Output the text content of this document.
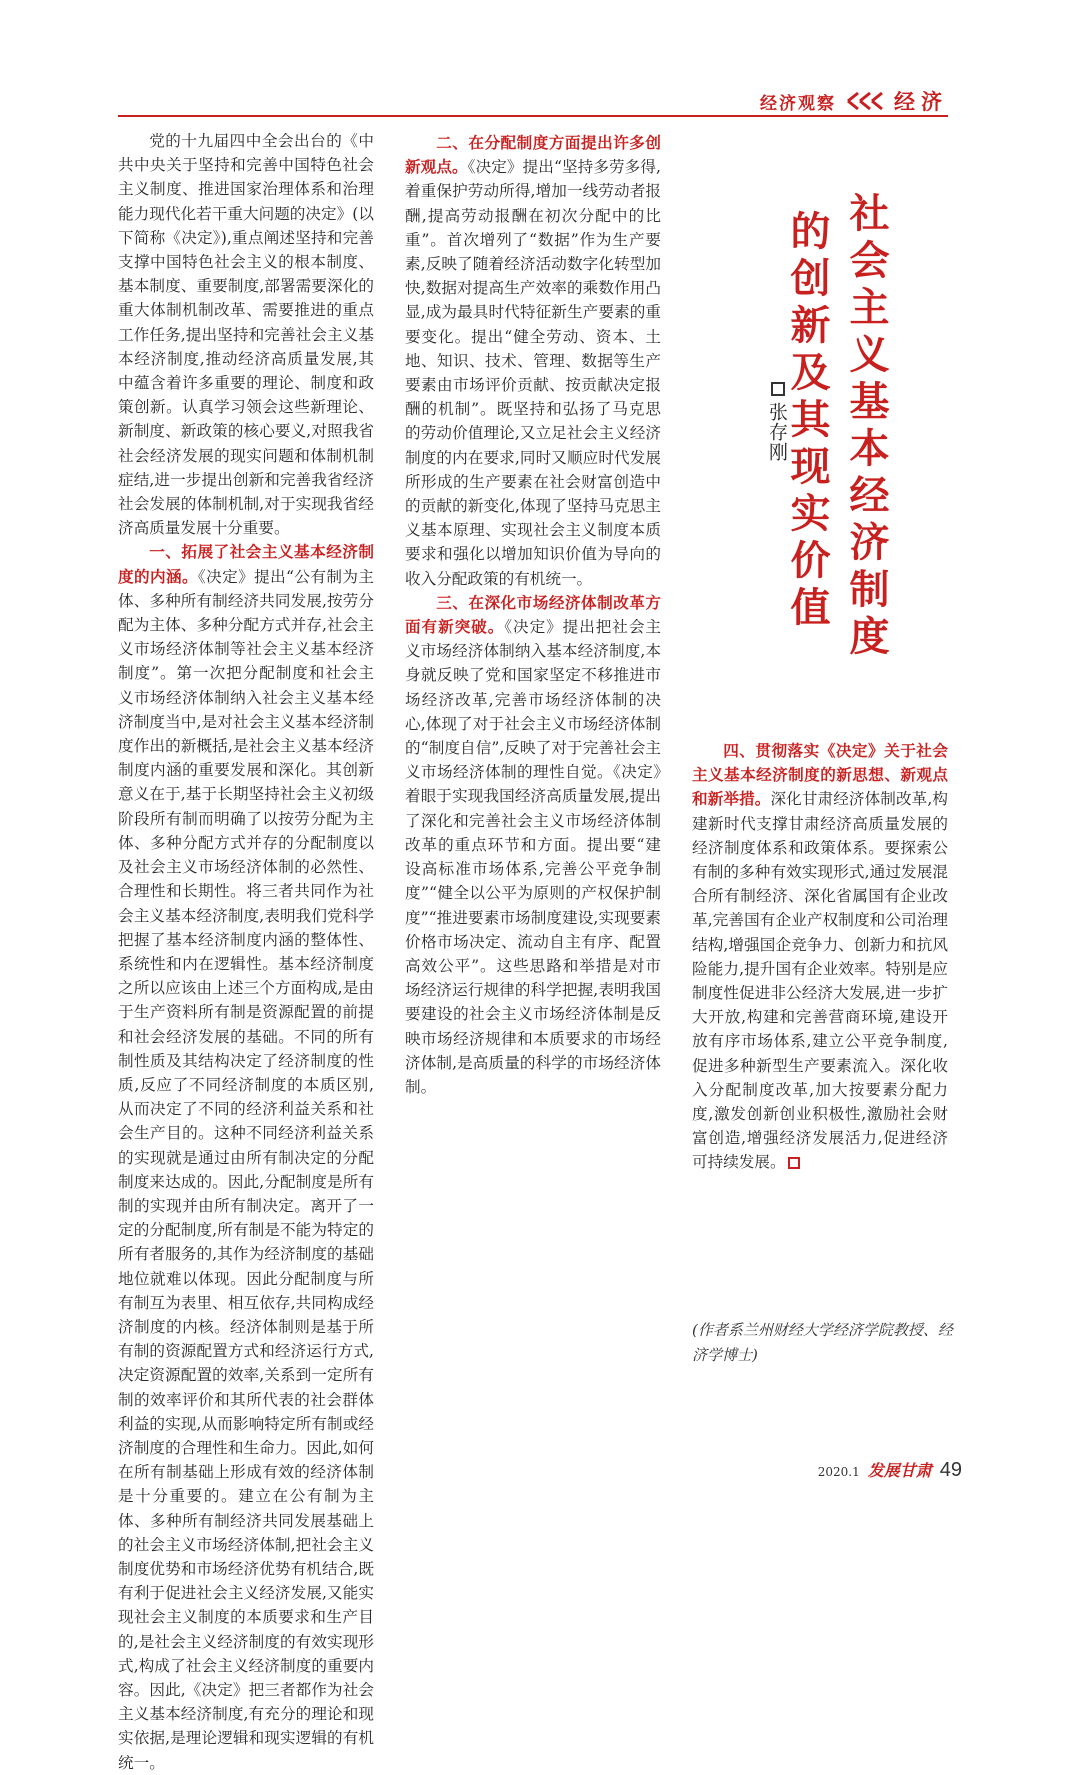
经济观察	经济

党的十九届四中全会出台的《中共中央关于坚持和完善中国特色社会主义制度、推进国家治理体系和治理能力现代化若干重大问题的决定》(以下简称《决定》),重点阐述坚持和完善支撑中国特色社会主义的根本制度、基本制度、重要制度,部署需要深化的重大体制机制改革、需要推进的重点工作任务,提出坚持和完善社会主义基本经济制度,推动经济高质量发展,其中蕴含着许多重要的理论、制度和政策创新。认真学习领会这些新理论、新制度、新政策的核心要义,对照我省社会经济发展的现实问题和体制机制症结,进一步提出创新和完善我省经济社会发展的体制机制,对于实现我省经济高质量发展十分重要。

一、拓展了社会主义基本经济制度的内涵。《决定》提出“公有制为主体、多种所有制经济共同发展,按劳分配为主体、多种分配方式并存,社会主义市场经济体制等社会主义基本经济制度”。第一次把分配制度和社会主义市场经济体制纳入社会主义基本经济制度当中,是对社会主义基本经济制度作出的新概括,是社会主义基本经济制度内涵的重要发展和深化。其创新意义在于,基于长期坚持社会主义初级阶段所有制而明确了以按劳分配为主体、多种分配方式并存的分配制度以及社会主义市场经济体制的必然性、合理性和长期性。将三者共同作为社会主义基本经济制度,表明我们党科学把握了基本经济制度内涵的整体性、系统性和内在逻辑性。基本经济制度之所以应该由上述三个方面构成,是由于生产资料所有制是资源配置的前提和社会经济发展的基础。不同的所有制性质及其结构决定了经济制度的性质,反应了不同经济制度的本质区别,从而决定了不同的经济利益关系和社会生产目的。这种不同经济利益关系的实现就是通过由所有制决定的分配制度来达成的。因此,分配制度是所有制的实现并由所有制决定。离开了一定的分配制度,所有制是不能为特定的所有者服务的,其作为经济制度的基础地位就难以体现。因此分配制度与所有制互为表里、相互依存,共同构成经济制度的内核。经济体制则是基于所有制的资源配置方式和经济运行方式,决定资源配置的效率,关系到一定所有制的效率评价和其所代表的社会群体利益的实现,从而影响特定所有制或经济制度的合理性和生命力。因此,如何在所有制基础上形成有效的经济体制是十分重要的。建立在公有制为主体、多种所有制经济共同发展基础上的社会主义市场经济体制,把社会主义制度优势和市场经济优势有机结合,既有利于促进社会主义经济发展,又能实现社会主义制度的本质要求和生产目的,是社会主义经济制度的有效实现形式,构成了社会主义经济制度的重要内容。因此,《决定》把三者都作为社会主义基本经济制度,有充分的理论和现实依据,是理论逻辑和现实逻辑的有机统一。

二、在分配制度方面提出许多创新观点。《决定》提出“坚持多劳多得,着重保护劳动所得,增加一线劳动者报酬,提高劳动报酬在初次分配中的比重”。首次增列了“数据”作为生产要素,反映了随着经济活动数字化转型加快,数据对提高生产效率的乘数作用凸显,成为最具时代特征新生产要素的重要变化。提出“健全劳动、资本、土地、知识、技术、管理、数据等生产要素由市场评价贡献、按贡献决定报酬的机制”。既坚持和弘扬了马克思的劳动价值理论,又立足社会主义经济制度的内在要求,同时又顺应时代发展所形成的生产要素在社会财富创造中的贡献的新变化,体现了坚持马克思主义基本原理、实现社会主义制度本质要求和强化以增加知识价值为导向的收入分配政策的有机统一。

三、在深化市场经济体制改革方面有新突破。《决定》提出把社会主义市场经济体制纳入基本经济制度,本身就反映了党和国家坚定不移推进市场经济改革,完善市场经济体制的决心,体现了对于社会主义市场经济体制的“制度自信”,反映了对于完善社会主义市场经济体制的理性自觉。《决定》着眼于实现我国经济高质量发展,提出了深化和完善社会主义市场经济体制改革的重点环节和方面。提出要“建设高标准市场体系,完善公平竞争制度”“健全以公平为原则的产权保护制度”“推进要素市场制度建设,实现要素价格市场决定、流动自主有序、配置高效公平”。这些思路和举措是对市场经济运行规律的科学把握,表明我国要建设的社会主义市场经济体制是反映市场经济规律和本质要求的市场经济体制,是高质量的科学的市场经济体制。

社会主义基本经济制度
的创新及其现实价值
张存刚

四、贯彻落实《决定》关于社会主义基本经济制度的新思想、新观点和新举措。深化甘肃经济体制改革,构建新时代支撑甘肃经济高质量发展的经济制度体系和政策体系。要探索公有制的多种有效实现形式,通过发展混合所有制经济、深化省属国有企业改革,完善国有企业产权制度和公司治理结构,增强国企竞争力、创新力和抗风险能力,提升国有企业效率。特别是应制度性促进非公经济大发展,进一步扩大开放,构建和完善营商环境,建设开放有序市场体系,建立公平竞争制度,促进多种新型生产要素流入。深化收入分配制度改革,加大按要素分配力度,激发创新创业积极性,激励社会财富创造,增强经济发展活力,促进经济可持续发展。

(作者系兰州财经大学经济学院教授、经济学博士)
2020.1 发展甘肃 49
